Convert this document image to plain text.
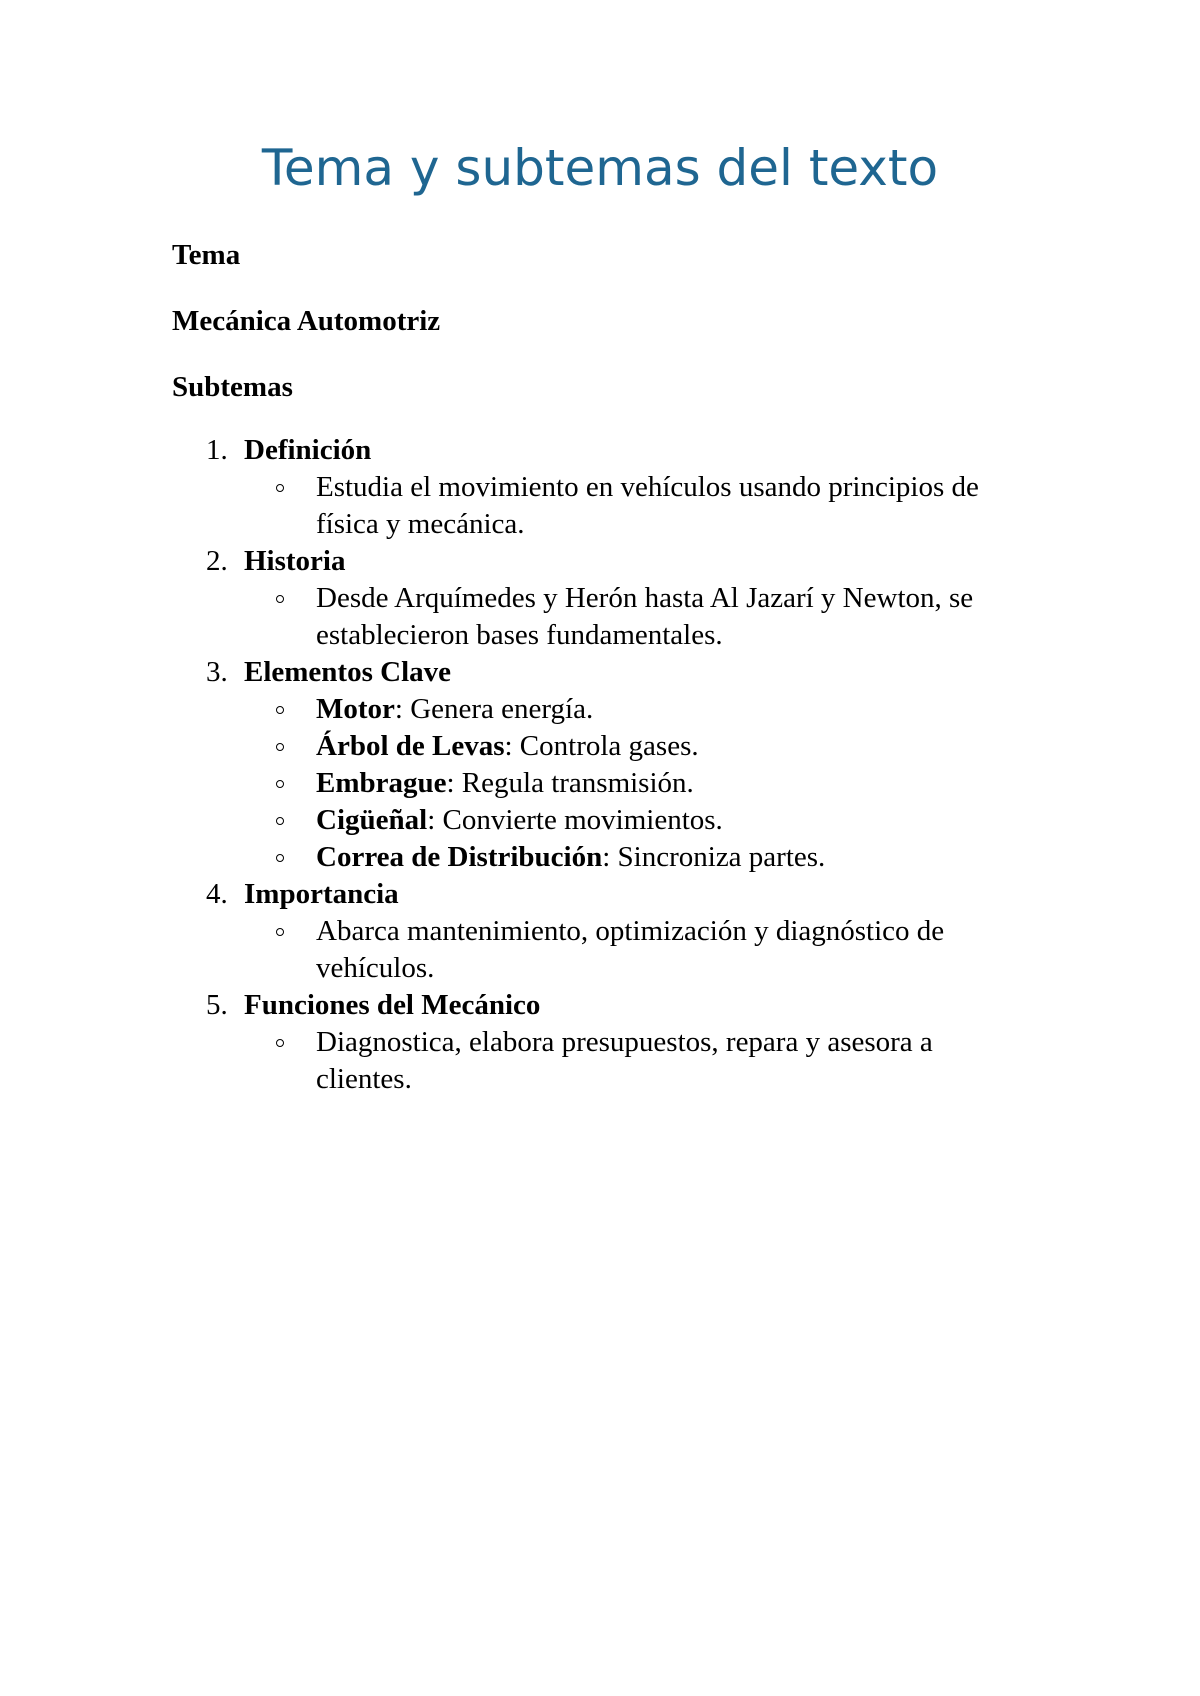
Tema y subtemas del texto

Tema

Mecánica Automotriz

Subtemas

1. Definición
Estudia el movimiento en vehículos usando principios de física y mecánica.
2. Historia
Desde Arquímedes y Herón hasta Al Jazarí y Newton, se establecieron bases fundamentales.
3. Elementos Clave
Motor: Genera energía.
Árbol de Levas: Controla gases.
Embrague: Regula transmisión.
Cigüeñal: Convierte movimientos.
Correa de Distribución: Sincroniza partes.
4. Importancia
Abarca mantenimiento, optimización y diagnóstico de vehículos.
5. Funciones del Mecánico
Diagnostica, elabora presupuestos, repara y asesora a clientes.
